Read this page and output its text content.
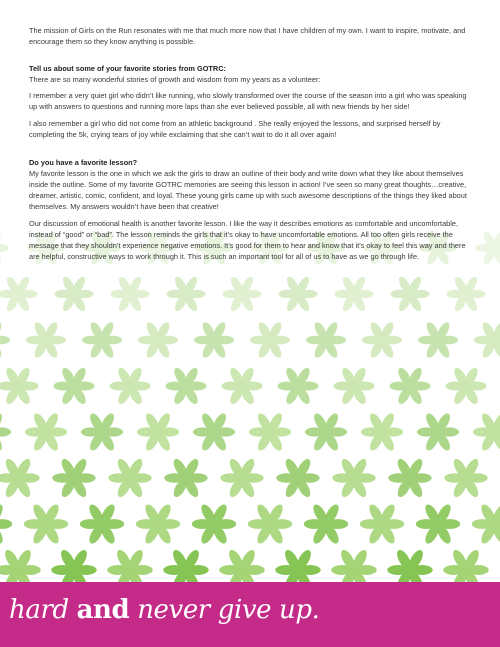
The mission of Girls on the Run resonates with me that much more now that I have children of my own. I want to inspire, motivate, and encourage them so they know anything is possible.

Tell us about some of your favorite stories from GOTRC:

There are so many wonderful stories of growth and wisdom from my years as a volunteer:

I remember a very quiet girl who didn’t like running, who slowly transformed over the course of the season into a girl who was speaking up with answers to questions and running more laps than she ever believed possible, all with new friends by her side!

I also remember a girl who did not come from an athletic background . She really enjoyed the lessons, and surprised herself by completing the 5k, crying tears of joy while exclaiming that she can’t wait to do it all over again!

Do you have a favorite lesson?

My favorite lesson is the one in which we ask the girls to draw an outline of their body and write down what they like about themselves inside the outline. Some of my favorite GOTRC memories are seeing this lesson in action! I’ve seen so many great thoughts…creative, dreamer, artistic, comic, confident, and loyal. These young girls came up with such awesome descriptions of the things they liked about themselves. My answers wouldn’t have been that creative!

Our discussion of emotional health is another favorite lesson. I like the way it describes emotions as comfortable and uncomfortable, instead of “good” or “bad”. The lesson reminds the girls that it’s okay to have uncomfortable emotions. All too often girls receive the message that they shouldn’t experience negative emotions. It’s good for them to hear and know that it’s okay to feel this way and there are helpful, constructive ways to work through it. This is such an important tool for all of us to have as we go through life.

hard and never give up.
